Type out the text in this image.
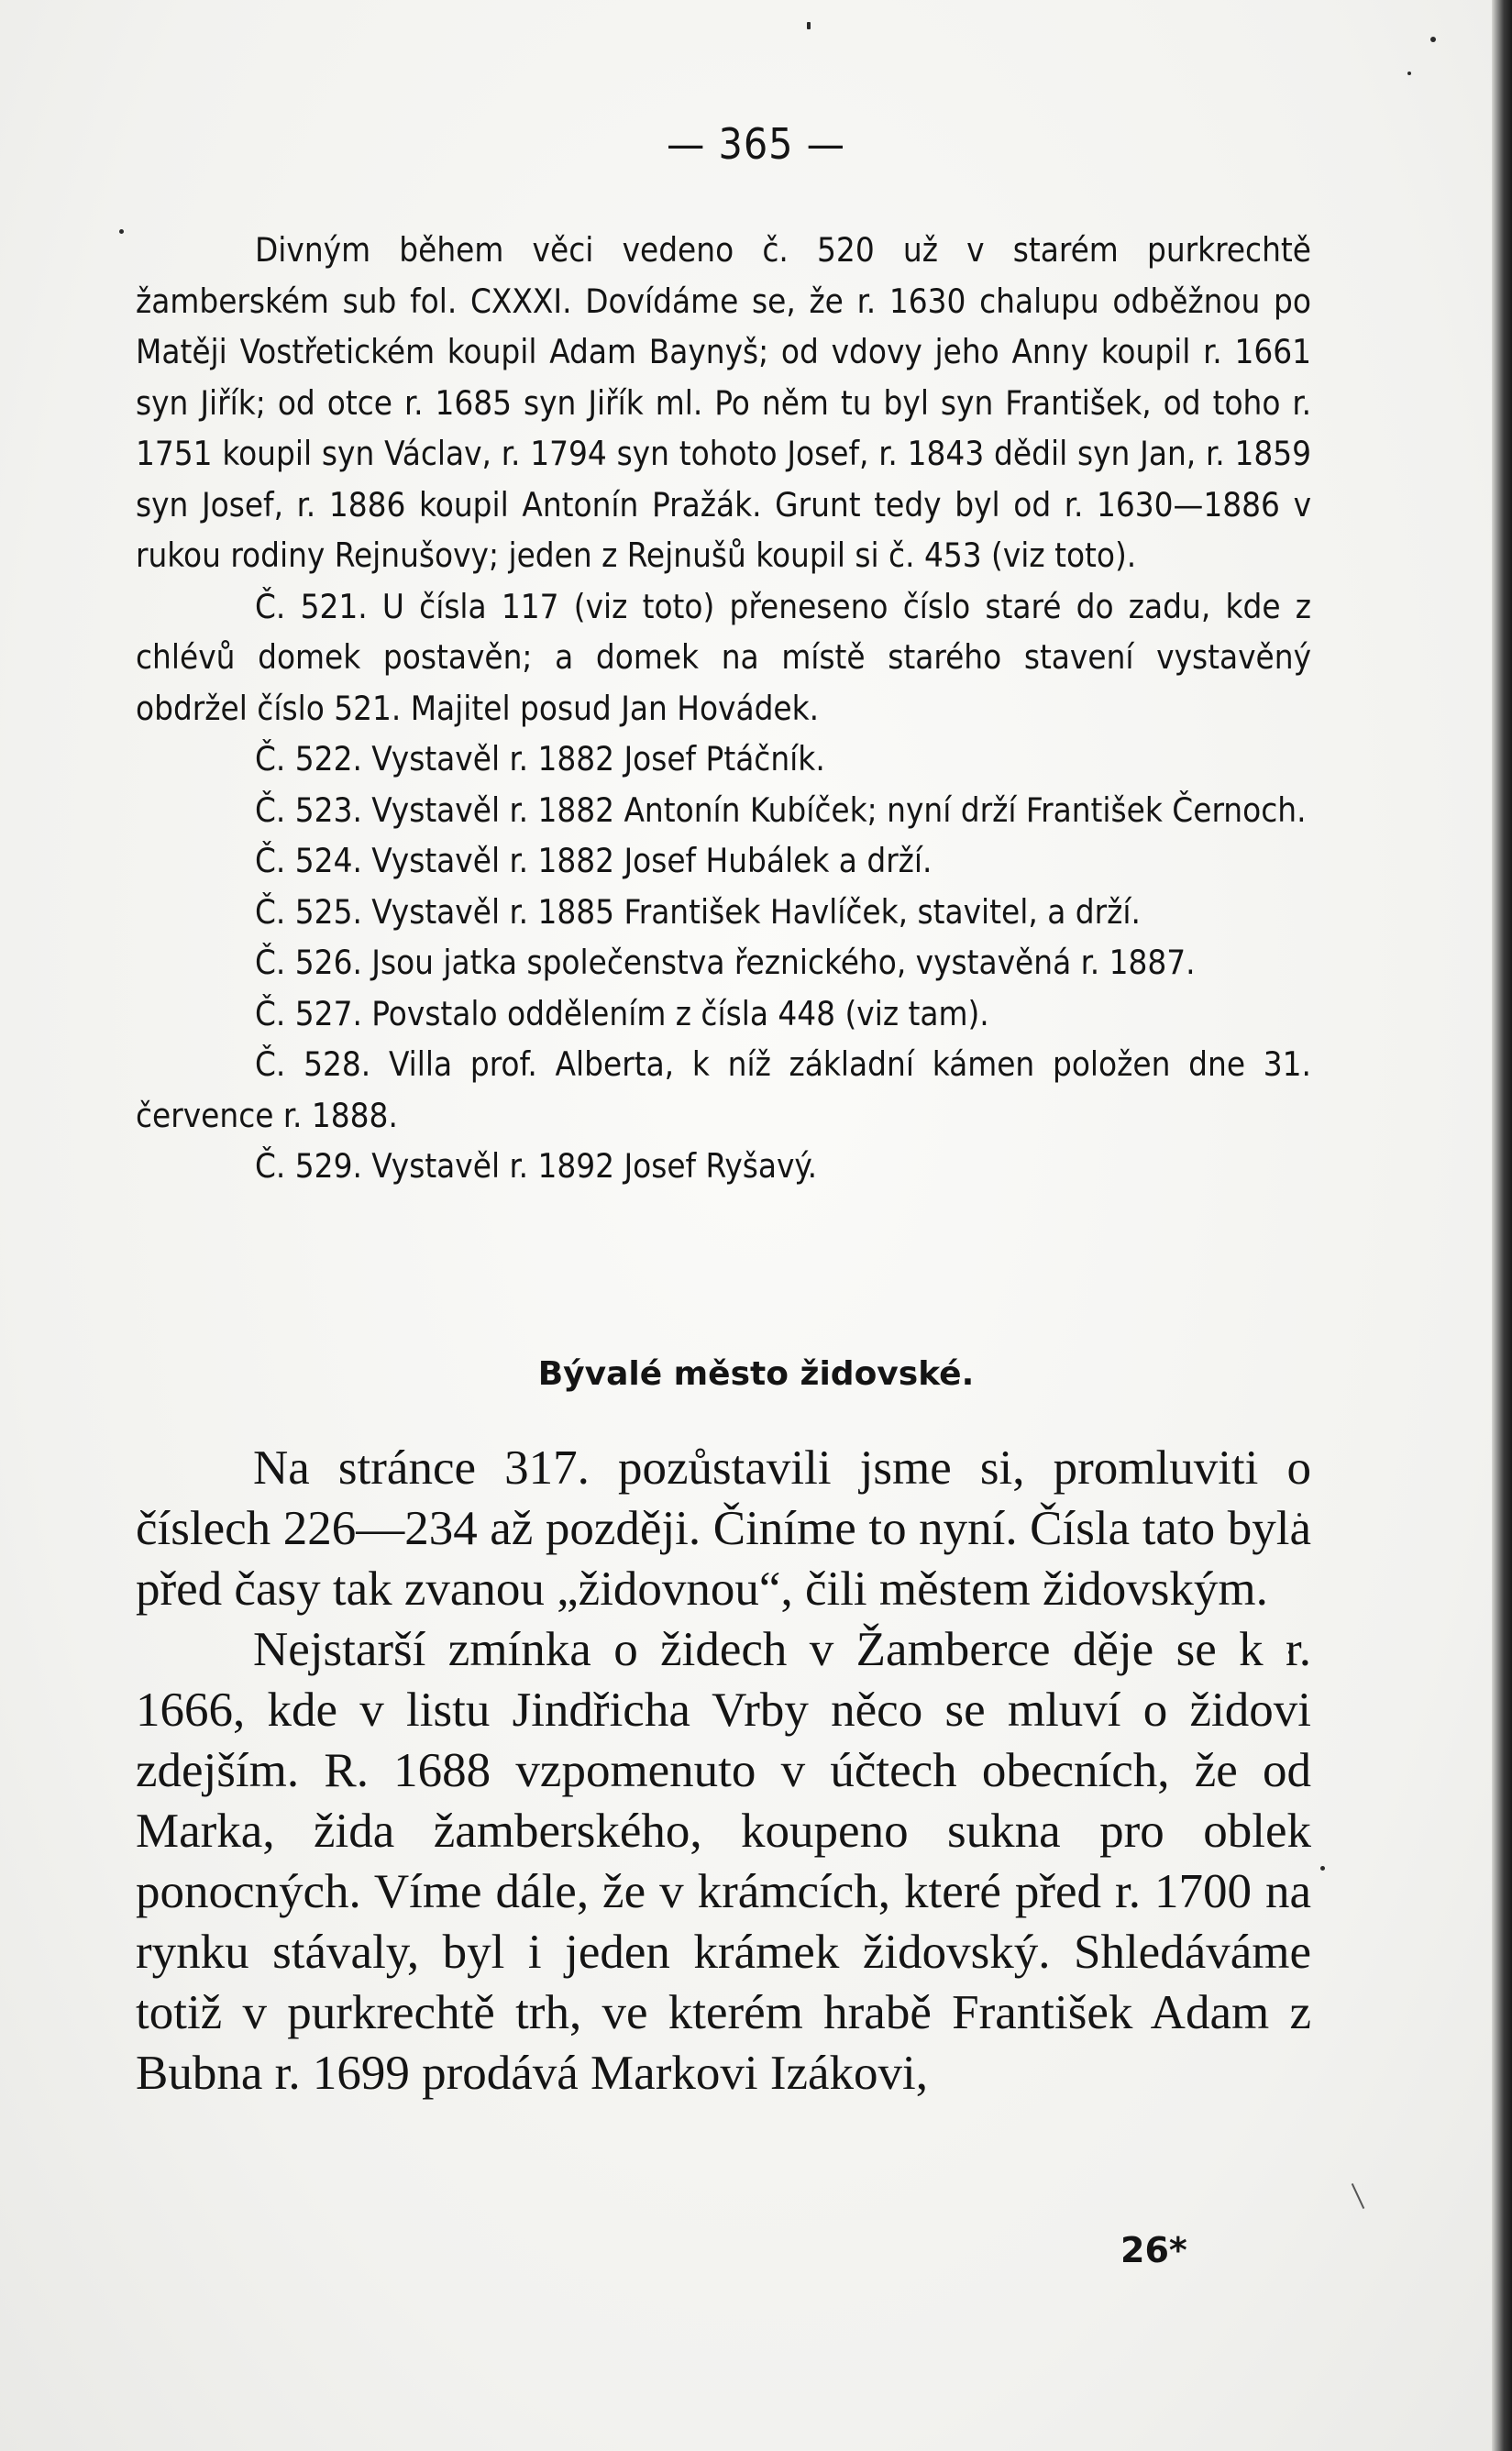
— 365 —

Divným během věci vedeno č. 520 už v starém purkrechtě žamberském sub fol. CXXXI. Dovídáme se, že r. 1630 chalupu odběžnou po Matěji Vostřetickém koupil Adam Baynyš; od vdovy jeho Anny koupil r. 1661 syn Jiřík; od otce r. 1685 syn Jiřík ml. Po něm tu byl syn František, od toho r. 1751 koupil syn Václav, r. 1794 syn tohoto Josef, r. 1843 dědil syn Jan, r. 1859 syn Josef, r. 1886 koupil Antonín Pražák. Grunt tedy byl od r. 1630—1886 v rukou rodiny Rejnušovy; jeden z Rejnušů koupil si č. 453 (viz toto).

Č. 521. U čísla 117 (viz toto) přeneseno číslo staré do zadu, kde z chlévů domek postavěn; a domek na místě starého stavení vystavěný obdržel číslo 521. Majitel posud Jan Hovádek.

Č. 522. Vystavěl r. 1882 Josef Ptáčník.

Č. 523. Vystavěl r. 1882 Antonín Kubíček; nyní drží František Černoch.

Č. 524. Vystavěl r. 1882 Josef Hubálek a drží.

Č. 525. Vystavěl r. 1885 František Havlíček, stavitel, a drží.

Č. 526. Jsou jatka společenstva řeznického, vystavěná r. 1887.

Č. 527. Povstalo oddělením z čísla 448 (viz tam).

Č. 528. Villa prof. Alberta, k níž základní kámen položen dne 31. července r. 1888.

Č. 529. Vystavěl r. 1892 Josef Ryšavý.

Bývalé město židovské.

Na stránce 317. pozůstavili jsme si, promluviti o číslech 226—234 až později. Činíme to nyní. Čísla tato byla před časy tak zvanou „židovnou“, čili městem židovským.

Nejstarší zmínka o židech v Žamberce děje se k r. 1666, kde v listu Jindřicha Vrby něco se mluví o židovi zdejším. R. 1688 vzpomenuto v účtech obecních, že od Marka, žida žamberského, koupeno sukna pro oblek ponocných. Víme dále, že v krámcích, které před r. 1700 na rynku stávaly, byl i jeden krámek židovský. Shledáváme totiž v purkrechtě trh, ve kterém hrabě František Adam z Bubna r. 1699 prodává Markovi Izákovi,

26*
